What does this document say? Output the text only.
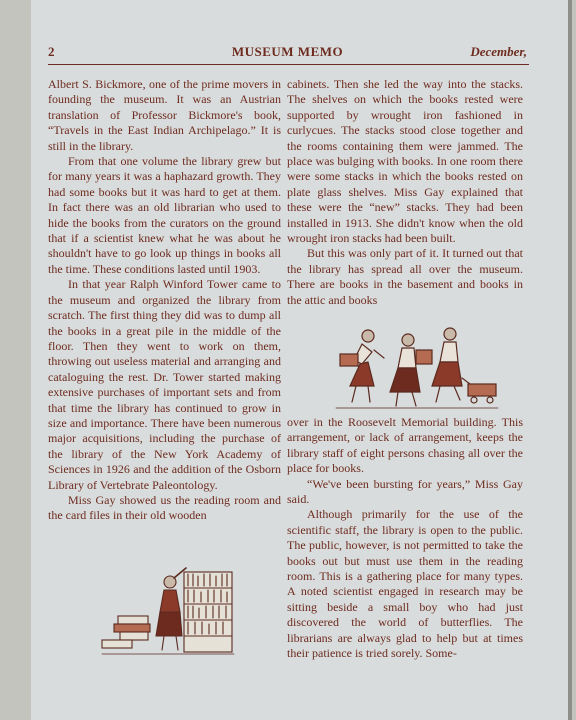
2	MUSEUM MEMO	December,

Albert S. Bickmore, one of the prime movers in founding the museum. It was an Austrian translation of Professor Bickmore's book, “Travels in the East Indian Archipelago.” It is still in the library.

From that one volume the library grew but for many years it was a haphazard growth. They had some books but it was hard to get at them. In fact there was an old librarian who used to hide the books from the curators on the ground that if a scientist knew what he was about he shouldn't have to go look up things in books all the time. These conditions lasted until 1903.

In that year Ralph Winford Tower came to the museum and organized the library from scratch. The first thing they did was to dump all the books in a great pile in the middle of the floor. Then they went to work on them, throwing out useless material and arranging and cataloguing the rest. Dr. Tower started making extensive purchases of important sets and from that time the library has continued to grow in size and importance. There have been numerous major acquisitions, including the purchase of the library of the New York Academy of Sciences in 1926 and the addition of the Osborn Library of Vertebrate Paleontology.

Miss Gay showed us the reading room and the card files in their old wooden

cabinets. Then she led the way into the stacks. The shelves on which the books rested were supported by wrought iron fashioned in curlycues. The stacks stood close together and the rooms containing them were jammed. The place was bulging with books. In one room there were some stacks in which the books rested on plate glass shelves. Miss Gay explained that these were the “new” stacks. They had been installed in 1913. She didn't know when the old wrought iron stacks had been built.

But this was only part of it. It turned out that the library has spread all over the museum. There are books in the basement and books in the attic and books

over in the Roosevelt Memorial building. This arrangement, or lack of arrangement, keeps the library staff of eight persons chasing all over the place for books.

“We've been bursting for years,” Miss Gay said.

Although primarily for the use of the scientific staff, the library is open to the public. The public, however, is not permitted to take the books out but must use them in the reading room. This is a gathering place for many types. A noted scientist engaged in research may be sitting beside a small boy who had just discovered the world of butterflies. The librarians are always glad to help but at times their patience is tried sorely. Some-
